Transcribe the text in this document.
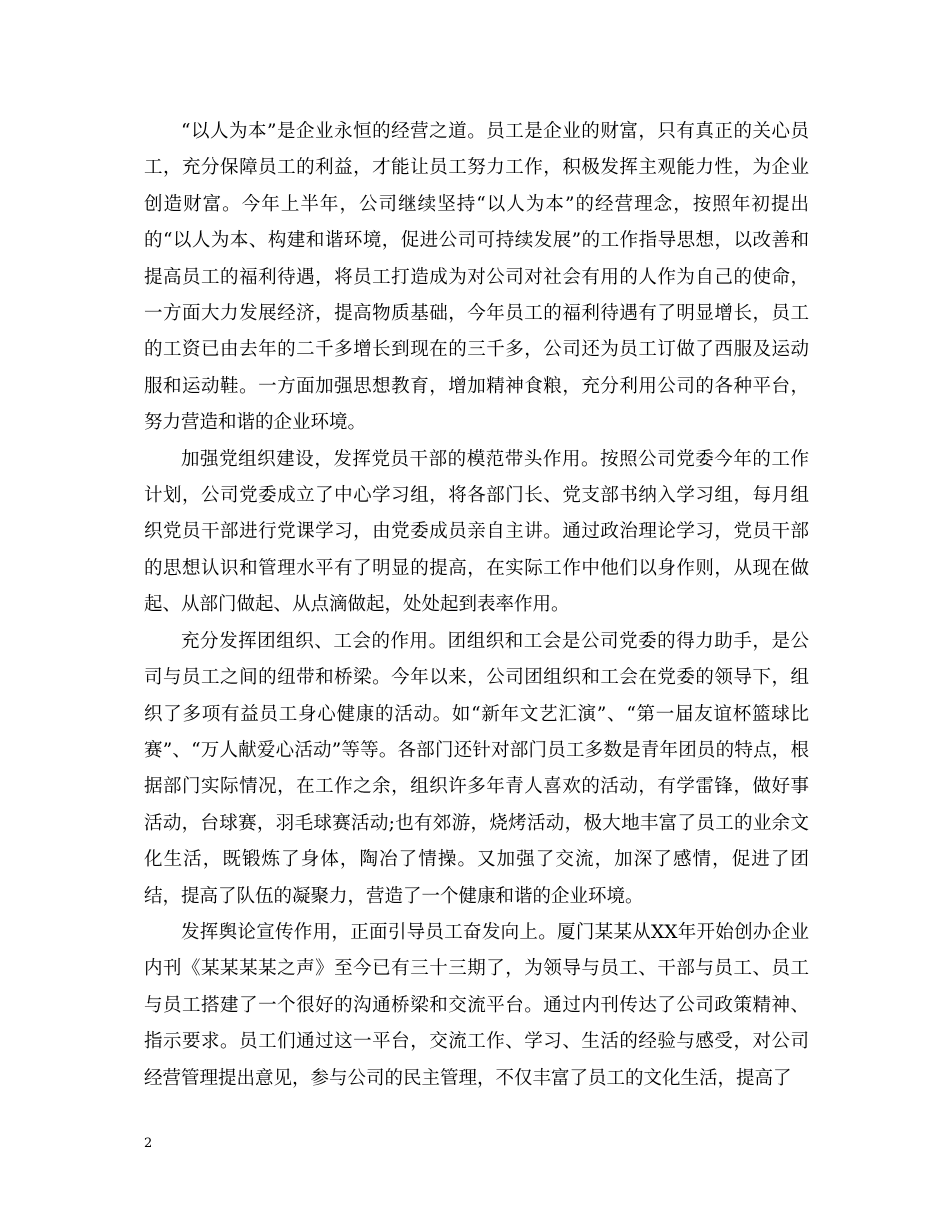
“以人为本”是企业永恒的经营之道。员工是企业的财富，只有真正的关心员工，充分保障员工的利益，才能让员工努力工作，积极发挥主观能力性，为企业创造财富。今年上半年，公司继续坚持“以人为本”的经营理念，按照年初提出的“以人为本、构建和谐环境，促进公司可持续发展”的工作指导思想，以改善和提高员工的福利待遇，将员工打造成为对公司对社会有用的人作为自己的使命，一方面大力发展经济，提高物质基础，今年员工的福利待遇有了明显增长，员工的工资已由去年的二千多增长到现在的三千多，公司还为员工订做了西服及运动服和运动鞋。一方面加强思想教育，增加精神食粮，充分利用公司的各种平台，努力营造和谐的企业环境。

加强党组织建设，发挥党员干部的模范带头作用。按照公司党委今年的工作计划，公司党委成立了中心学习组，将各部门长、党支部书纳入学习组，每月组织党员干部进行党课学习，由党委成员亲自主讲。通过政治理论学习，党员干部的思想认识和管理水平有了明显的提高，在实际工作中他们以身作则，从现在做起、从部门做起、从点滴做起，处处起到表率作用。

充分发挥团组织、工会的作用。团组织和工会是公司党委的得力助手，是公司与员工之间的纽带和桥梁。今年以来，公司团组织和工会在党委的领导下，组织了多项有益员工身心健康的活动。如“新年文艺汇演”、“第一届友谊杯篮球比赛”、“万人献爱心活动”等等。各部门还针对部门员工多数是青年团员的特点，根据部门实际情况，在工作之余，组织许多年青人喜欢的活动，有学雷锋，做好事活动，台球赛，羽毛球赛活动;也有郊游，烧烤活动，极大地丰富了员工的业余文化生活，既锻炼了身体，陶冶了情操。又加强了交流，加深了感情，促进了团结，提高了队伍的凝聚力，营造了一个健康和谐的企业环境。

发挥舆论宣传作用，正面引导员工奋发向上。厦门某某从XX年开始创办企业内刊《某某某某之声》至今已有三十三期了，为领导与员工、干部与员工、员工与员工搭建了一个很好的沟通桥梁和交流平台。通过内刊传达了公司政策精神、指示要求。员工们通过这一平台，交流工作、学习、生活的经验与感受，对公司经营管理提出意见，参与公司的民主管理，不仅丰富了员工的文化生活，提高了

2
